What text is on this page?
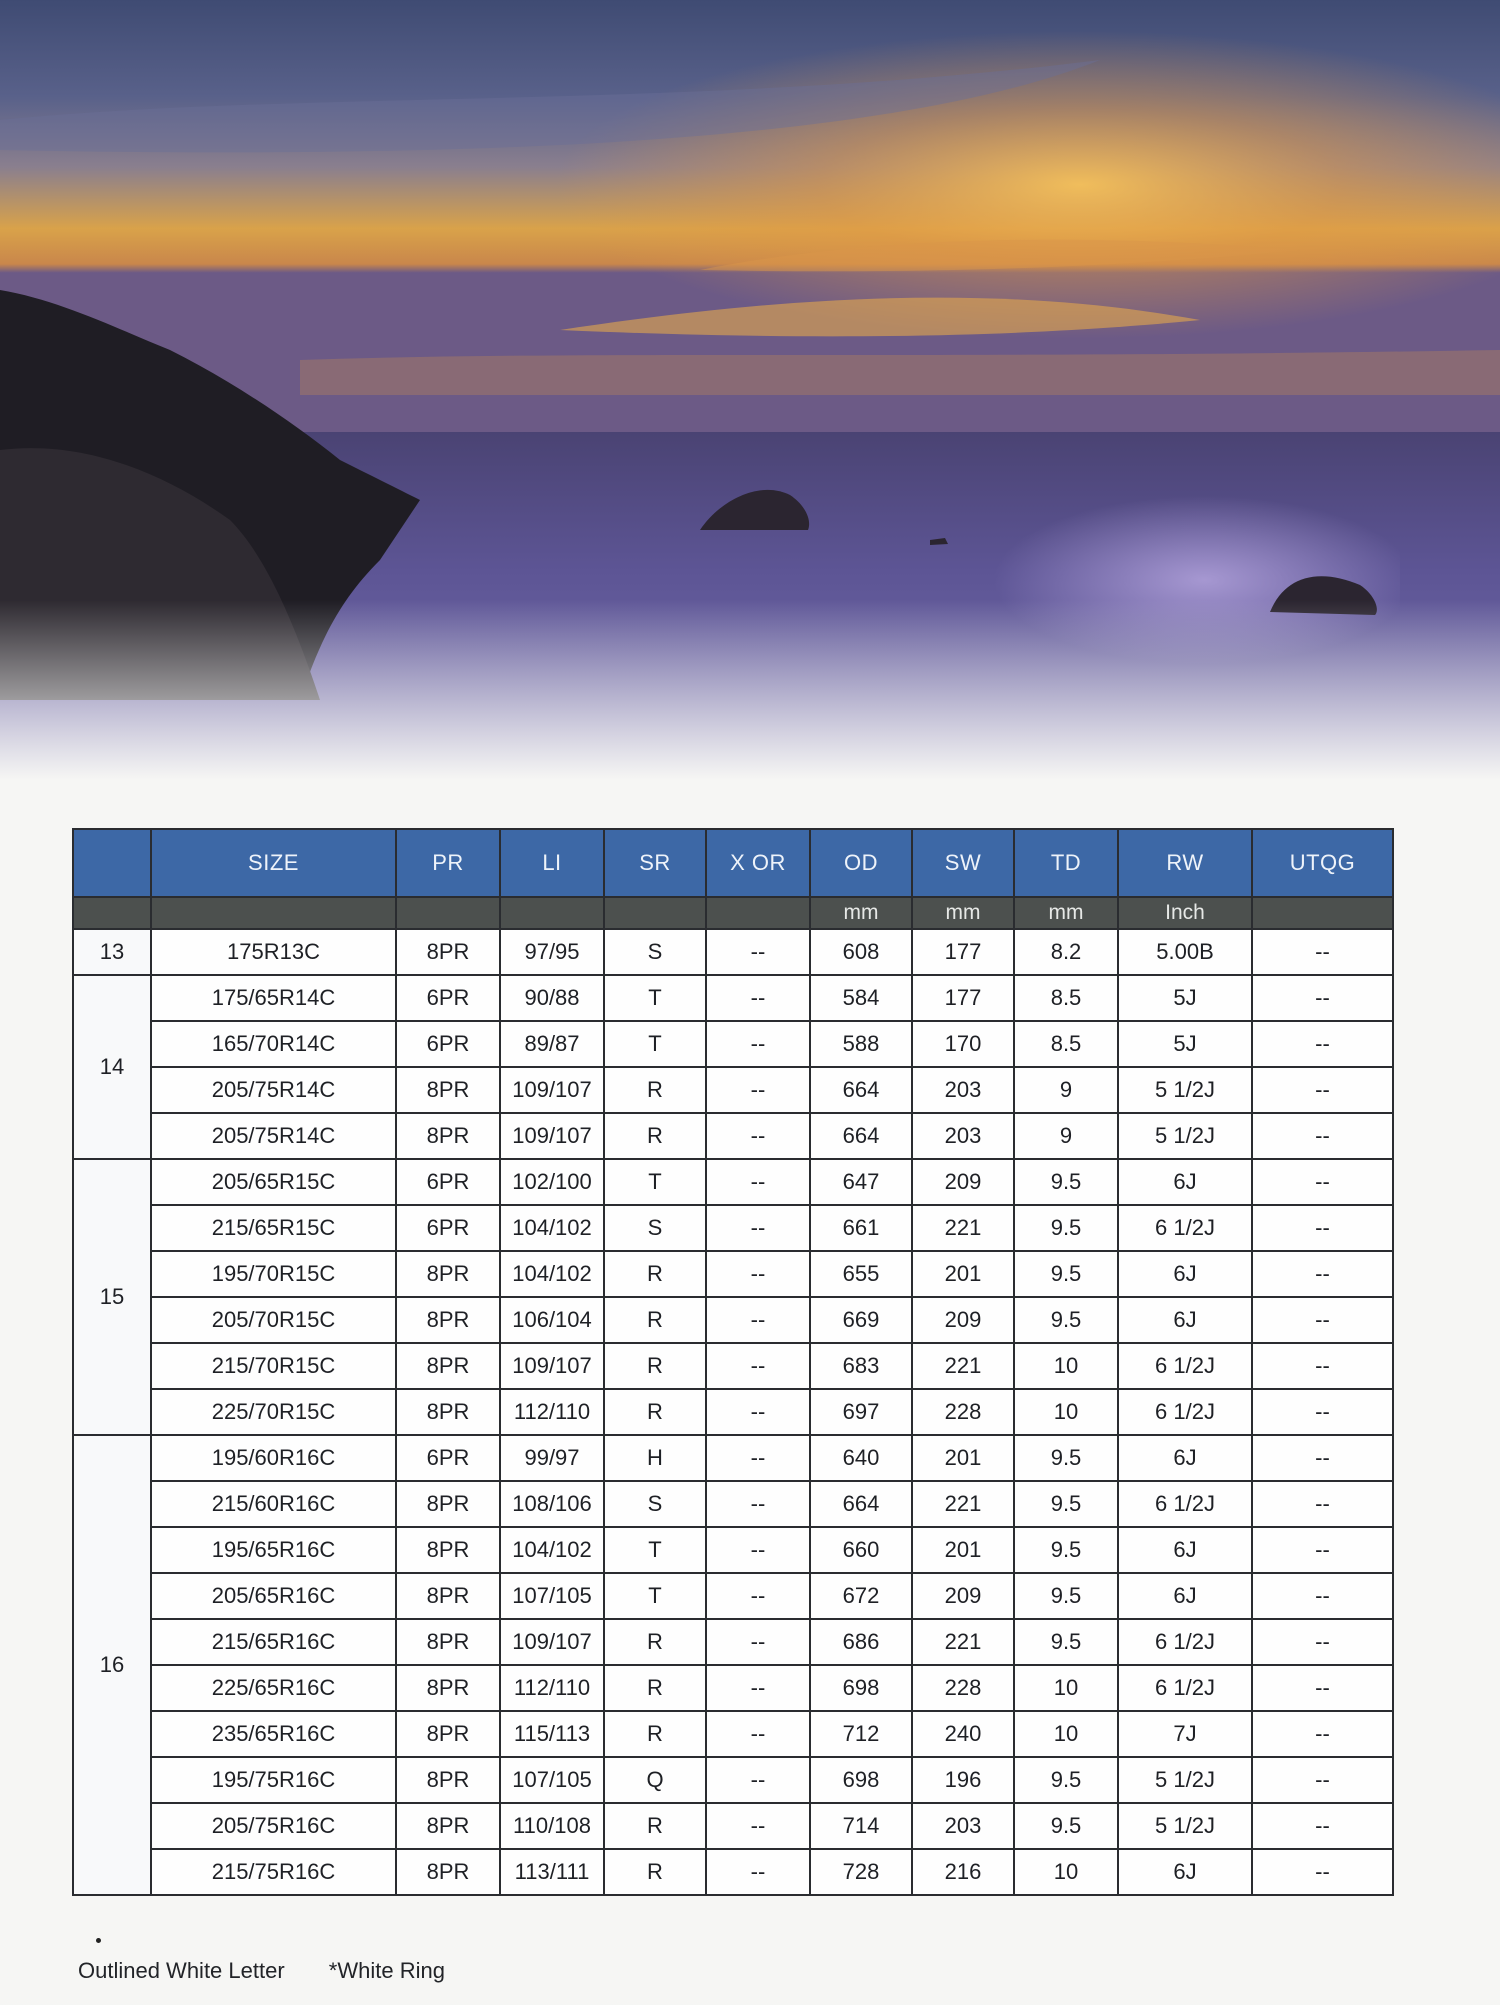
	SIZE	PR	LI	SR	X OR	OD	SW	TD	RW	UTQG
						mm	mm	mm	Inch	
13	175R13C	8PR	97/95	S	--	608	177	8.2	5.00B	--
14	175/65R14C	6PR	90/88	T	--	584	177	8.5	5J	--
	165/70R14C	6PR	89/87	T	--	588	170	8.5	5J	--
	205/75R14C	8PR	109/107	R	--	664	203	9	5 1/2J	--
	205/75R14C	8PR	109/107	R	--	664	203	9	5 1/2J	--
15	205/65R15C	6PR	102/100	T	--	647	209	9.5	6J	--
	215/65R15C	6PR	104/102	S	--	661	221	9.5	6 1/2J	--
	195/70R15C	8PR	104/102	R	--	655	201	9.5	6J	--
	205/70R15C	8PR	106/104	R	--	669	209	9.5	6J	--
	215/70R15C	8PR	109/107	R	--	683	221	10	6 1/2J	--
	225/70R15C	8PR	112/110	R	--	697	228	10	6 1/2J	--
16	195/60R16C	6PR	99/97	H	--	640	201	9.5	6J	--
	215/60R16C	8PR	108/106	S	--	664	221	9.5	6 1/2J	--
	195/65R16C	8PR	104/102	T	--	660	201	9.5	6J	--
	205/65R16C	8PR	107/105	T	--	672	209	9.5	6J	--
	215/65R16C	8PR	109/107	R	--	686	221	9.5	6 1/2J	--
	225/65R16C	8PR	112/110	R	--	698	228	10	6 1/2J	--
	235/65R16C	8PR	115/113	R	--	712	240	10	7J	--
	195/75R16C	8PR	107/105	Q	--	698	196	9.5	5 1/2J	--
	205/75R16C	8PR	110/108	R	--	714	203	9.5	5 1/2J	--
	215/75R16C	8PR	113/111	R	--	728	216	10	6J	--
Outlined White Letter *White Ring
